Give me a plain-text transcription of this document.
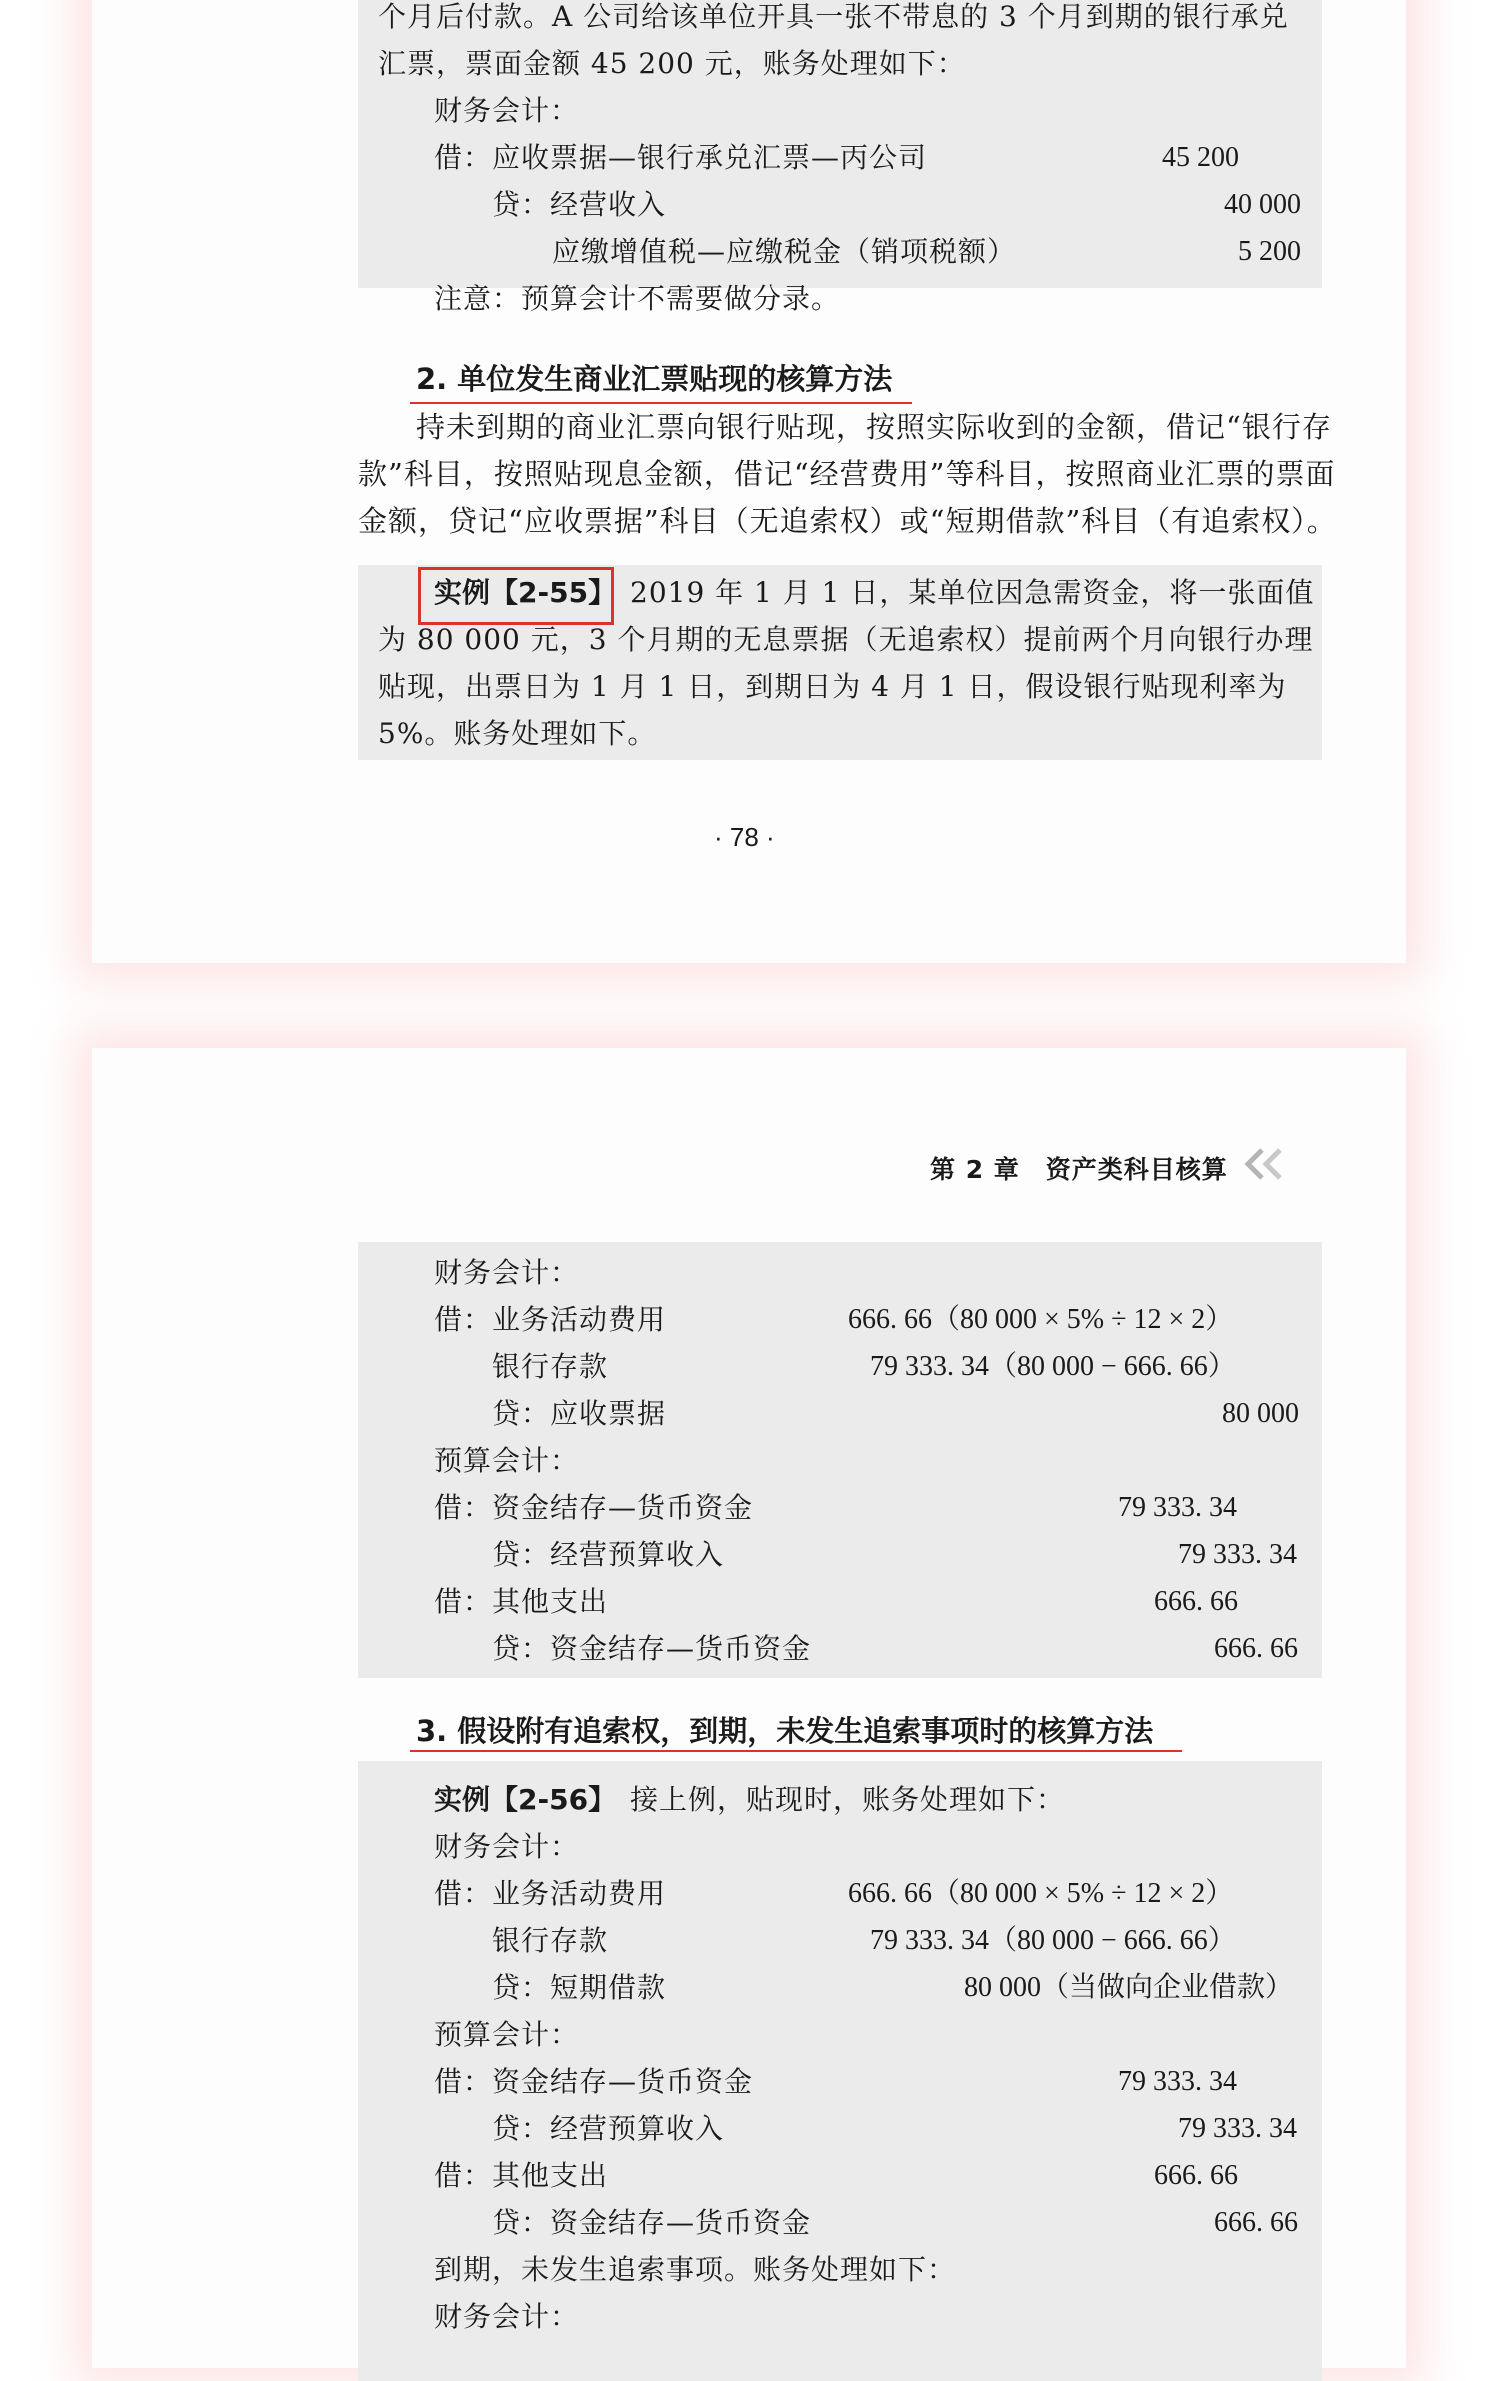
个月后付款。A 公司给该单位开具一张不带息的 3 个月到期的银行承兑
汇票，票面金额 45 200 元，账务处理如下：
财务会计：
借：应收票据—银行承兑汇票—丙公司
贷：经营收入
应缴增值税—应缴税金（销项税额）
注意：预算会计不需要做分录。
45 200
40 000
5 200
2. 单位发生商业汇票贴现的核算方法
持未到期的商业汇票向银行贴现，按照实际收到的金额，借记“银行存
款”科目，按照贴现息金额，借记“经营费用”等科目，按照商业汇票的票面
金额，贷记“应收票据”科目（无追索权）或“短期借款”科目（有追索权）。
实例【2-55】 2019 年 1 月 1 日，某单位因急需资金，将一张面值
为 80 000 元，3 个月期的无息票据（无追索权）提前两个月向银行办理
贴现，出票日为 1 月 1 日，到期日为 4 月 1 日，假设银行贴现利率为
5%。账务处理如下。
· 78 ·
第 2 章　资产类科目核算
财务会计：
借：业务活动费用
银行存款
贷：应收票据
预算会计：
借：资金结存—货币资金
贷：经营预算收入
借：其他支出
贷：资金结存—货币资金
666. 66（80 000 × 5% ÷ 12 × 2）
79 333. 34（80 000 − 666. 66）
80 000
79 333. 34
79 333. 34
666. 66
666. 66
3. 假设附有追索权，到期，未发生追索事项时的核算方法
实例【2-56】 接上例，贴现时，账务处理如下：
财务会计：
借：业务活动费用
银行存款
贷：短期借款
预算会计：
借：资金结存—货币资金
贷：经营预算收入
借：其他支出
贷：资金结存—货币资金
到期，未发生追索事项。账务处理如下：
财务会计：
666. 66（80 000 × 5% ÷ 12 × 2）
79 333. 34（80 000 − 666. 66）
80 000（当做向企业借款）
79 333. 34
79 333. 34
666. 66
666. 66
